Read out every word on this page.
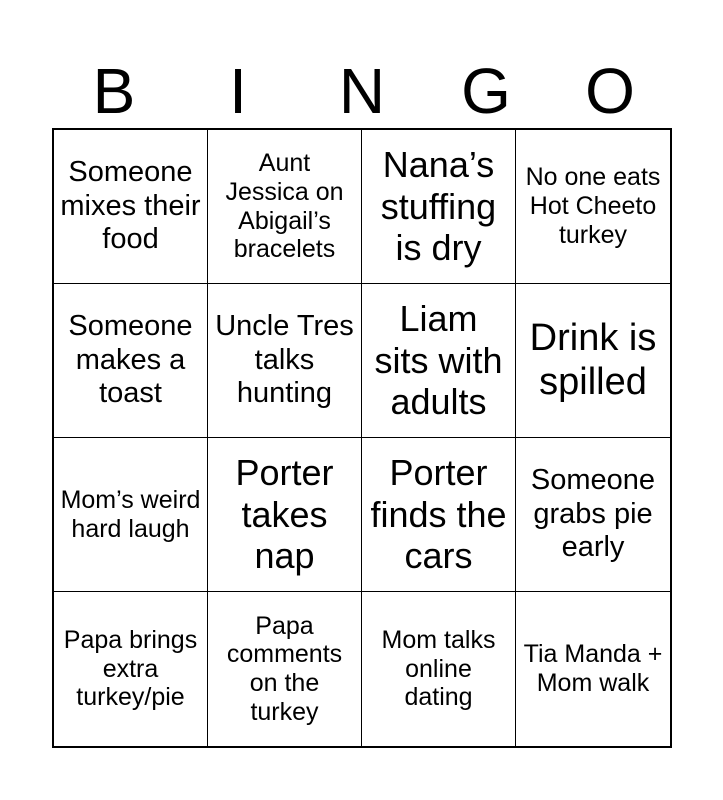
B	I	N	G	O
Someone mixes their food
Aunt Jessica on Abigail’s bracelets
Nana’s stuffing is dry
No one eats Hot Cheeto turkey
Someone makes a toast
Uncle Tres talks hunting
Liam sits with adults
Drink is spilled
Mom’s weird hard laugh
Porter takes nap
Porter finds the cars
Someone grabs pie early
Papa brings extra turkey/pie
Papa comments on the turkey
Mom talks online dating
Tia Manda + Mom walk
